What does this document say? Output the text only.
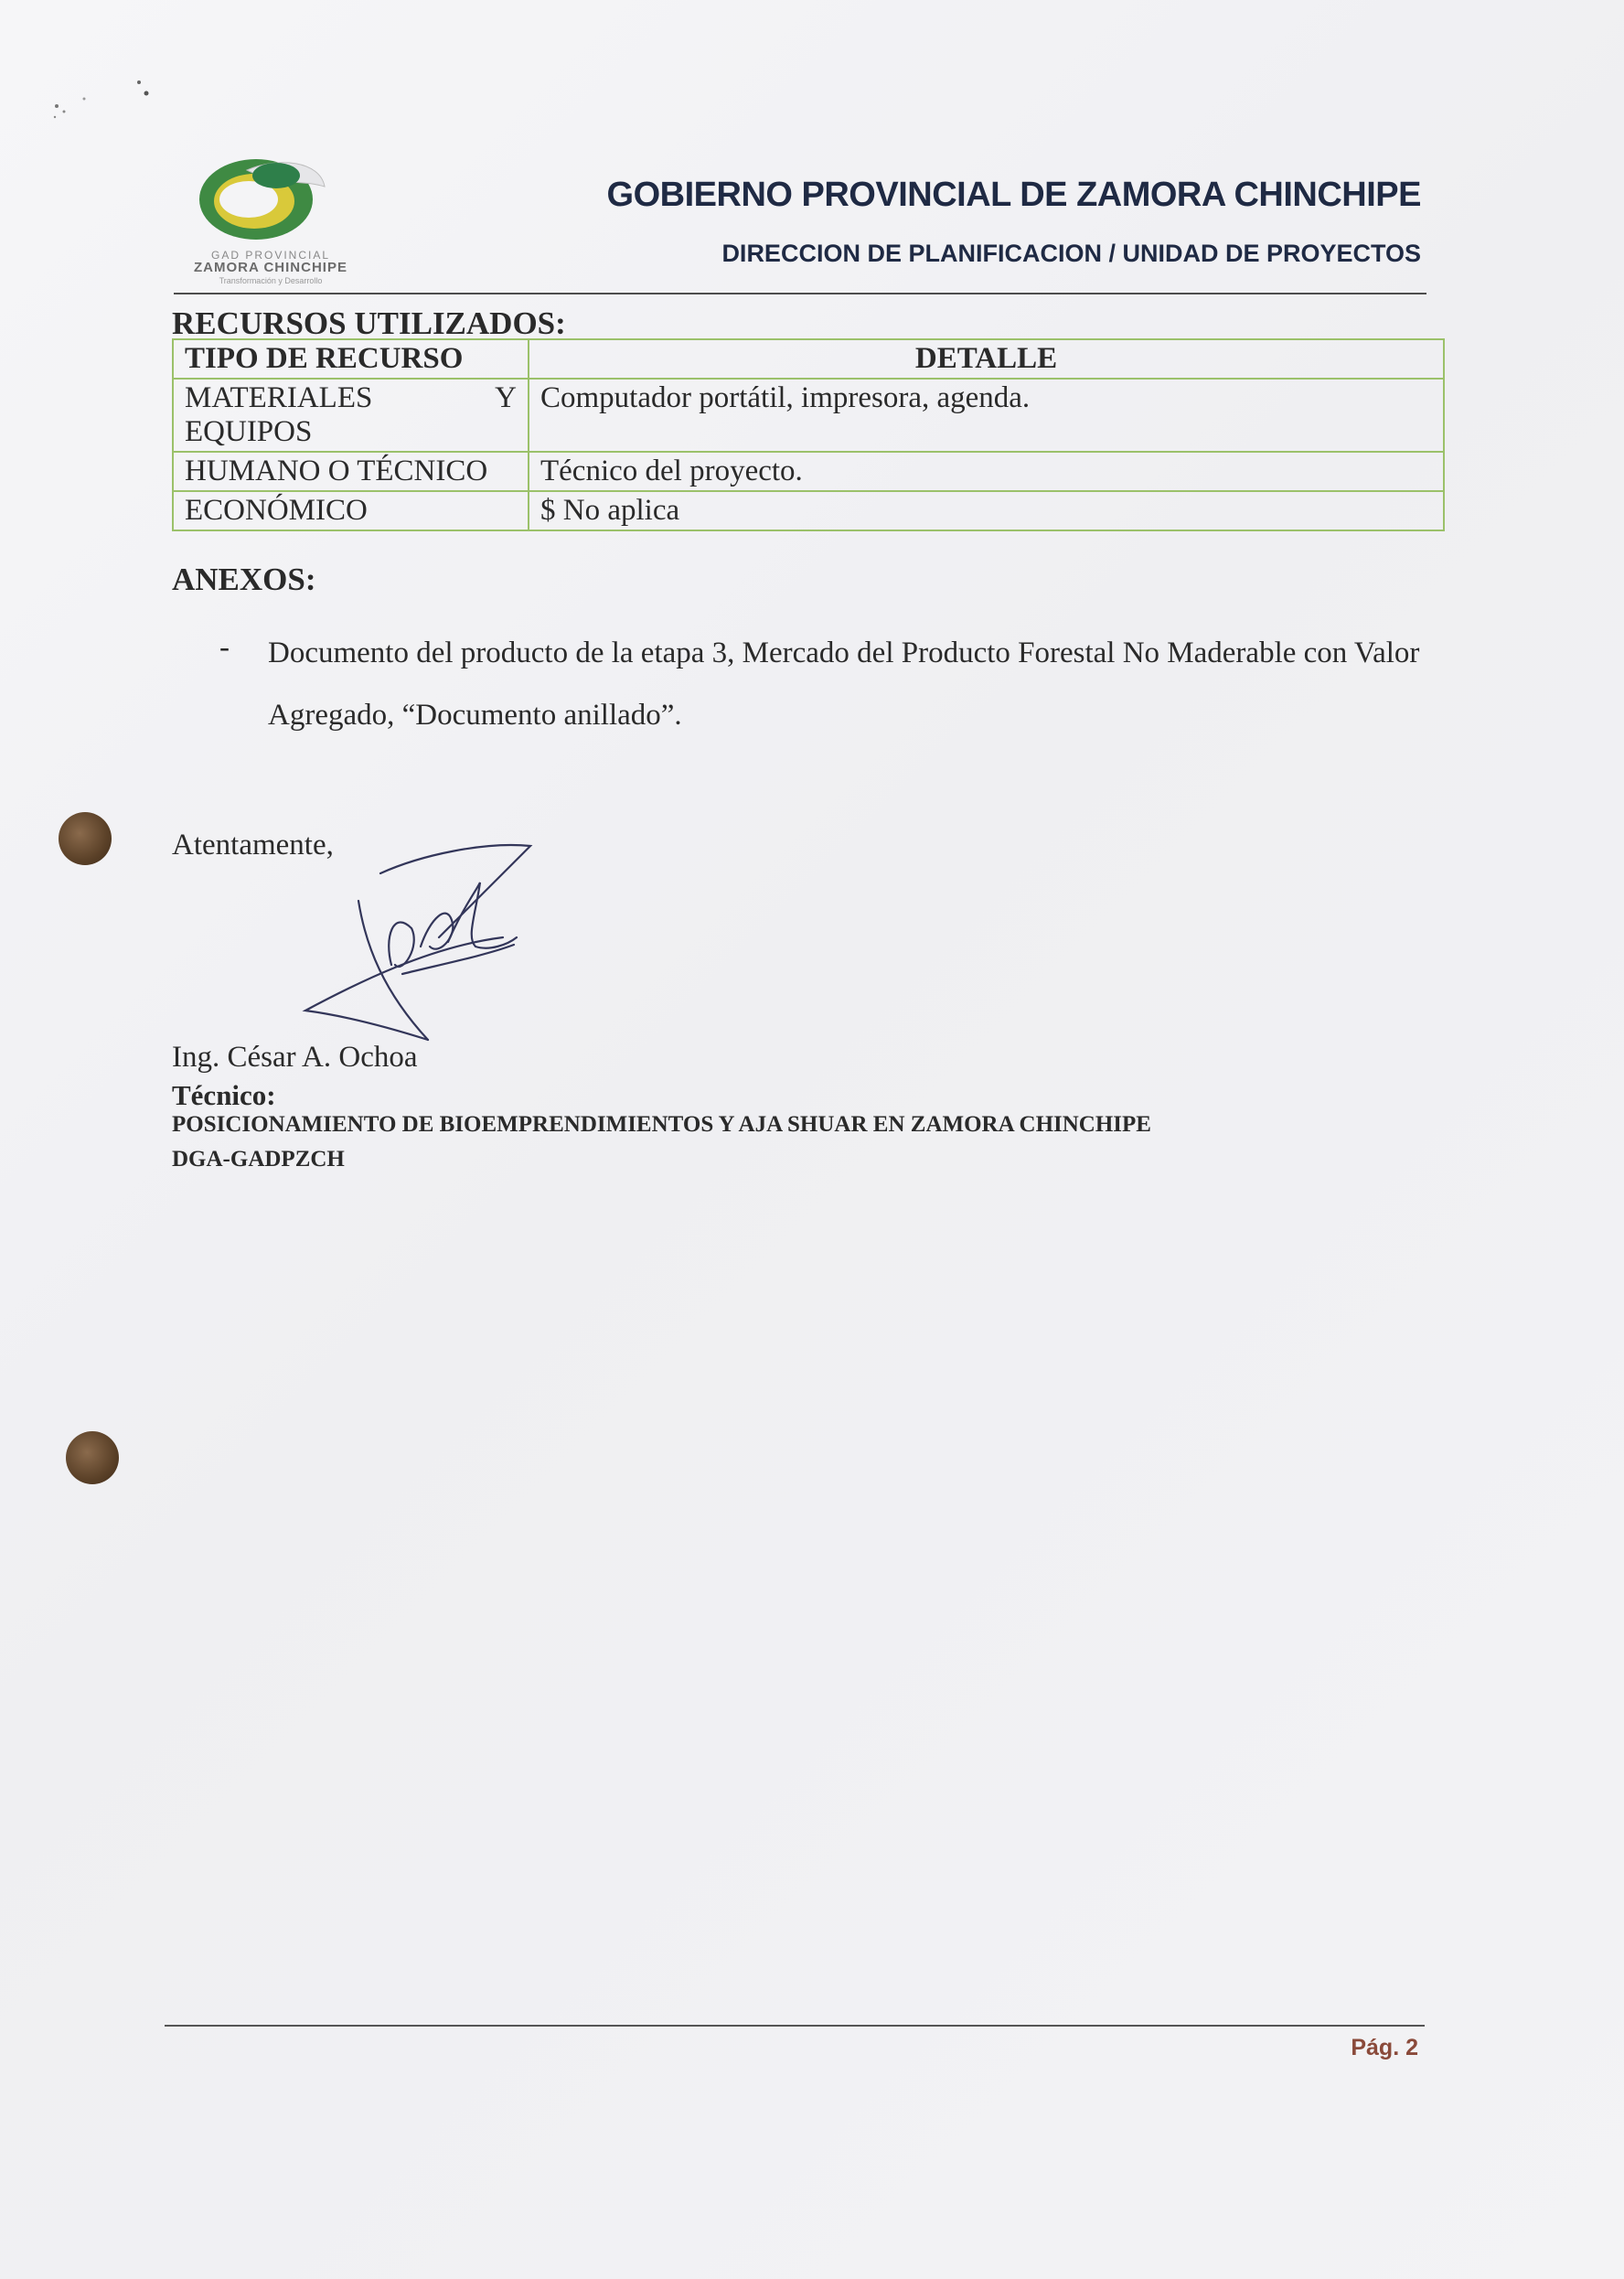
GAD PROVINCIAL
ZAMORA CHINCHIPE
Transformación y Desarrollo
GOBIERNO PROVINCIAL DE ZAMORA CHINCHIPE
DIRECCION DE PLANIFICACION / UNIDAD DE PROYECTOS
RECURSOS UTILIZADOS:
TIPO DE RECURSO	DETALLE

MATERIALES Y
EQUIPOS	Computador portátil, impresora, agenda.
HUMANO O TÉCNICO	Técnico del proyecto.
ECONÓMICO	$ No aplica
ANEXOS:
- Documento del producto de la etapa 3, Mercado del Producto Forestal No Maderable con Valor Agregado, “Documento anillado”.
Atentamente,
Ing. César A. Ochoa
Técnico:
POSICIONAMIENTO DE BIOEMPRENDIMIENTOS Y AJA SHUAR EN ZAMORA CHINCHIPE
DGA-GADPZCH
Pág. 2
